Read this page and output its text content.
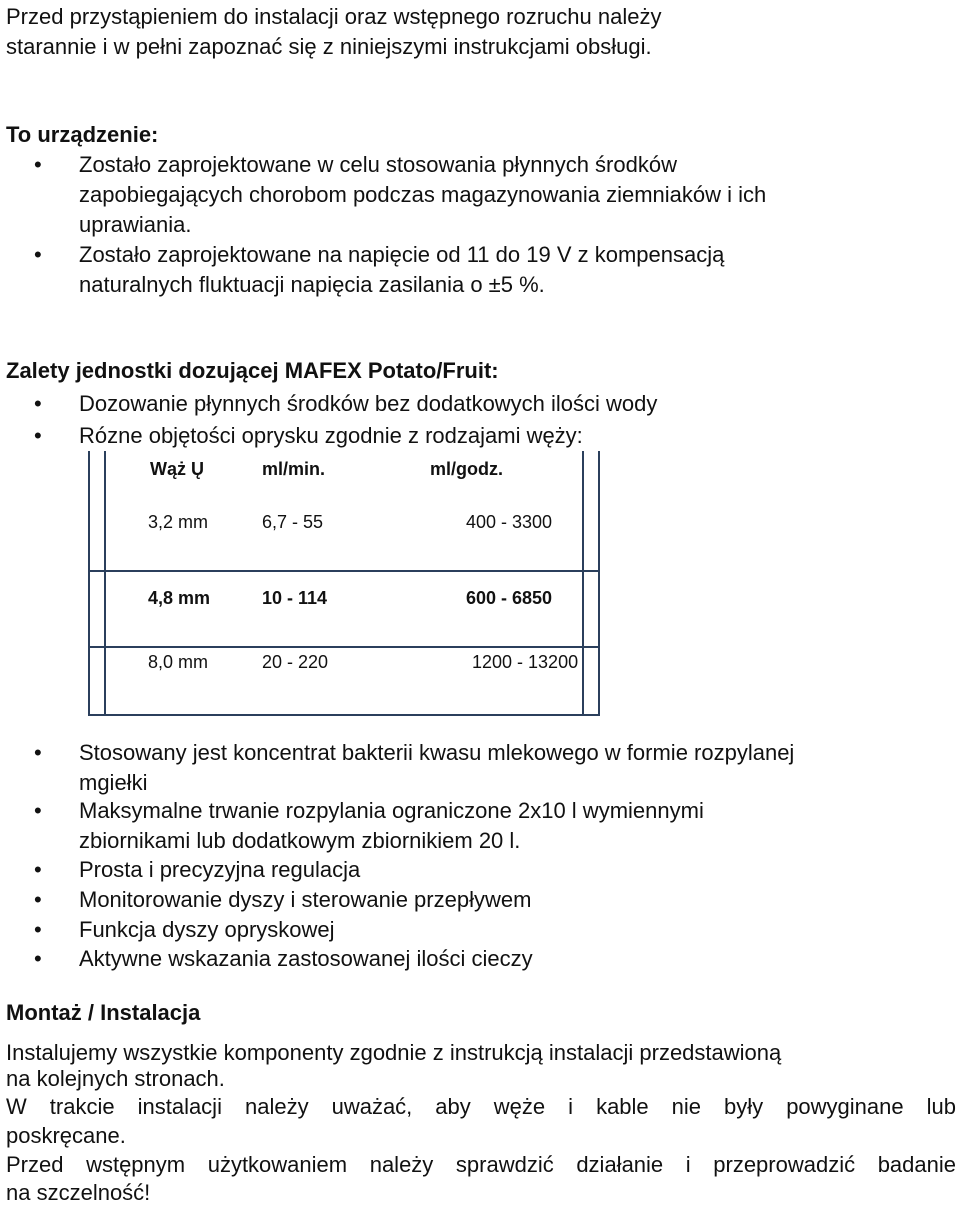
Przed przystąpieniem do instalacji oraz wstępnego rozruchu należy
starannie i w pełni zapoznać się z niniejszymi instrukcjami obsługi.
To urządzenie:
• Zostało zaprojektowane w celu stosowania płynnych środków
zapobiegających chorobom podczas magazynowania ziemniaków i ich
uprawiania.
• Zostało zaprojektowane na napięcie od 11 do 19 V z kompensacją
naturalnych fluktuacji napięcia zasilania o ±5 %.
Zalety jednostki dozującej MAFEX Potato/Fruit:
• Dozowanie płynnych środków bez dodatkowych ilości wody
• Rózne objętości oprysku zgodnie z rodzajami węży:
Wąż Ų	ml/min.	ml/godz.
3,2 mm	6,7 - 55	400 - 3300
4,8 mm	10 - 114	600 - 6850
8,0 mm	20 - 220	1200 - 13200
• Stosowany jest koncentrat bakterii kwasu mlekowego w formie rozpylanej
mgiełki
• Maksymalne trwanie rozpylania ograniczone 2x10 l wymiennymi
zbiornikami lub dodatkowym zbiornikiem 20 l.
• Prosta i precyzyjna regulacja
• Monitorowanie dyszy i sterowanie przepływem
• Funkcja dyszy opryskowej
• Aktywne wskazania zastosowanej ilości cieczy
Montaż / Instalacja
Instalujemy wszystkie komponenty zgodnie z instrukcją instalacji przedstawioną
na kolejnych stronach.
W trakcie instalacji należy uważać, aby węże i kable nie były powyginane lub
poskręcane.
Przed wstępnym użytkowaniem należy sprawdzić działanie i przeprowadzić badanie
na szczelność!
